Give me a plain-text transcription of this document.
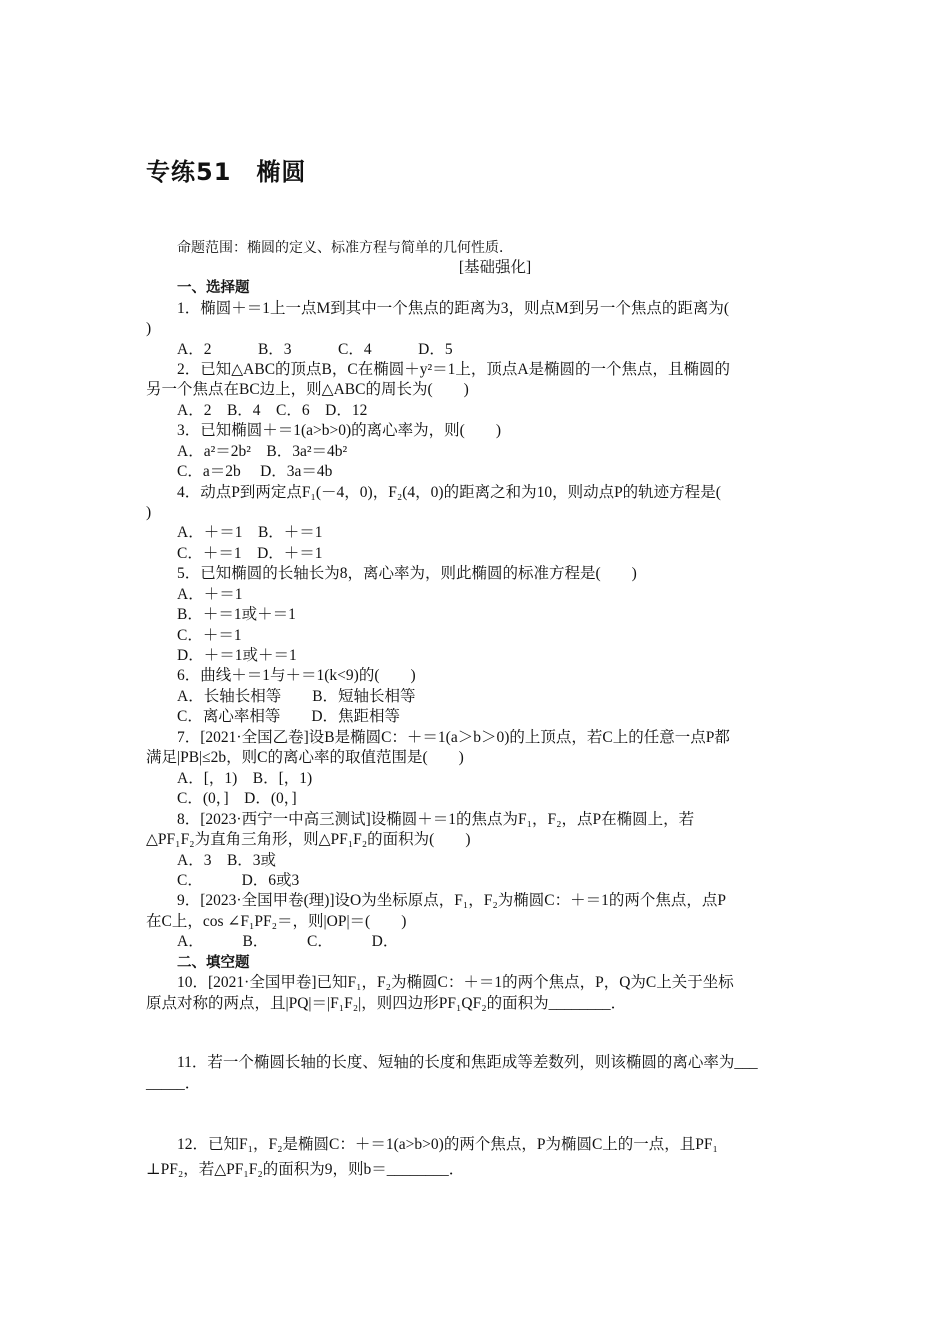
专练51　椭圆
命题范围：椭圆的定义、标准方程与简单的几何性质．
[基础强化]
一、选择题
1．椭圆＋＝1上一点M到其中一个焦点的距离为3，则点M到另一个焦点的距离为(
)
A．2　　　B．3　　　C．4　　　D．5
2．已知△ABC的顶点B，C在椭圆＋y²＝1上，顶点A是椭圆的一个焦点，且椭圆的
另一个焦点在BC边上，则△ABC的周长为(　　)
A．2　B．4　C．6　D．12
3．已知椭圆＋＝1(a>b>0)的离心率为，则(　　)
A．a²＝2b²　B．3a²＝4b²
C．a＝2b　 D．3a＝4b
4．动点P到两定点F₁(－4，0)，F₂(4，0)的距离之和为10，则动点P的轨迹方程是(
)
A．＋＝1　B．＋＝1
C．＋＝1　D．＋＝1
5．已知椭圆的长轴长为8，离心率为，则此椭圆的标准方程是(　　)
A．＋＝1
B．＋＝1或＋＝1
C．＋＝1
D．＋＝1或＋＝1
6．曲线＋＝1与＋＝1(k<9)的(　　)
A．长轴长相等　　B．短轴长相等
C．离心率相等　　D．焦距相等
7．[2021·全国乙卷]设B是椭圆C：＋＝1(a＞b＞0)的上顶点，若C上的任意一点P都
满足|PB|≤2b，则C的离心率的取值范围是(　　)
A．[，1)　B．[，1)
C．(0，]　D．(0，]
8．[2023·西宁一中高三测试]设椭圆＋＝1的焦点为F₁，F₂，点P在椭圆上，若
△PF₁F₂为直角三角形，则△PF₁F₂的面积为(　　)
A．3　B．3或
C．　　　D．6或3
9．[2023·全国甲卷(理)]设O为坐标原点，F₁，F₂为椭圆C：＋＝1的两个焦点，点P
在C上，cos ∠F₁PF₂＝，则|OP|＝(　　)
A．　　　B．　　　C．　　　D．
二、填空题
10．[2021·全国甲卷]已知F₁，F₂为椭圆C：＋＝1的两个焦点，P，Q为C上关于坐标
原点对称的两点，且|PQ|＝|F₁F₂|，则四边形PF₁QF₂的面积为________．
11．若一个椭圆长轴的长度、短轴的长度和焦距成等差数列，则该椭圆的离心率为___
_____．
12．已知F₁，F₂是椭圆C：＋＝1(a>b>0)的两个焦点，P为椭圆C上的一点，且PF₁
⊥PF₂，若△PF₁F₂的面积为9，则b＝________．
